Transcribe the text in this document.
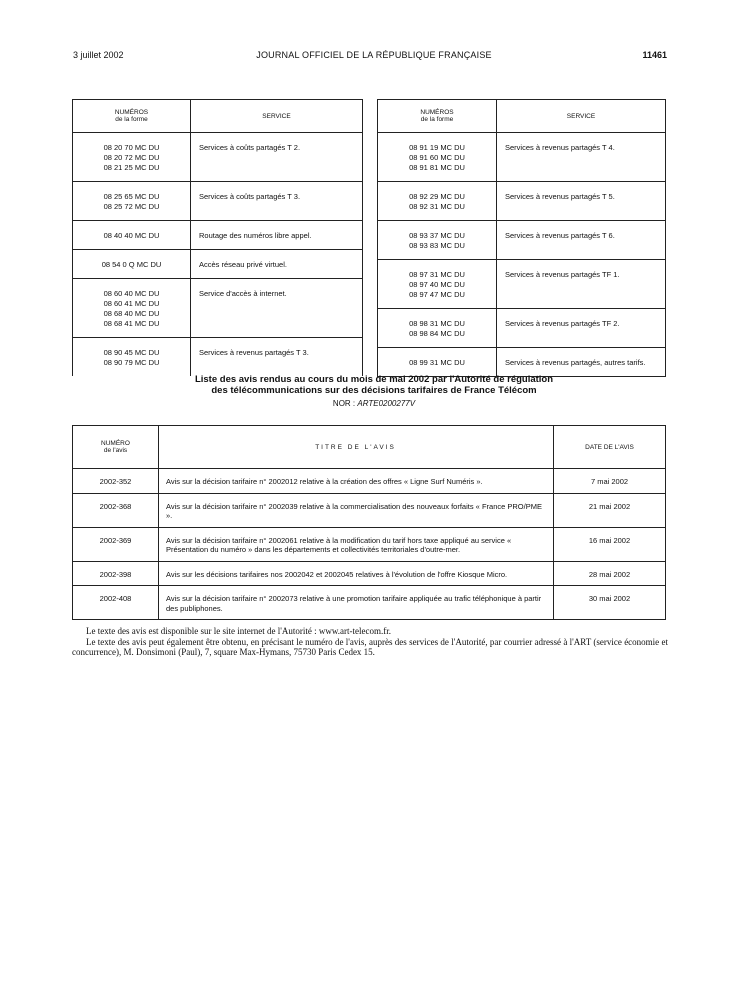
3 juillet 2002	JOURNAL OFFICIEL DE LA RÉPUBLIQUE FRANÇAISE	11461
NUMÉROS
de la forme	SERVICE

08 20 70 MC DU
08 20 72 MC DU
08 21 25 MC DU	Services à coûts partagés T 2.

08 25 65 MC DU
08 25 72 MC DU	Services à coûts partagés T 3.

08 40 40 MC DU	Routage des numéros libre appel.

08 54 0 Q MC DU	Accès réseau privé virtuel.

08 60 40 MC DU
08 60 41 MC DU
08 68 40 MC DU
08 68 41 MC DU	Service d'accès à internet.

08 90 45 MC DU
08 90 79 MC DU	Services à revenus partagés T 3.
NUMÉROS
de la forme	SERVICE

08 91 19 MC DU
08 91 60 MC DU
08 91 81 MC DU	Services à revenus partagés T 4.

08 92 29 MC DU
08 92 31 MC DU	Services à revenus partagés T 5.

08 93 37 MC DU
08 93 83 MC DU	Services à revenus partagés T 6.

08 97 31 MC DU
08 97 40 MC DU
08 97 47 MC DU	Services à revenus partagés TF 1.

08 98 31 MC DU
08 98 84 MC DU	Services à revenus partagés TF 2.

08 99 31 MC DU	Services à revenus partagés, autres tarifs.
Liste des avis rendus au cours du mois de mai 2002 par l'Autorité de régulation
des télécommunications sur des décisions tarifaires de France Télécom
NOR : ARTE0200277V
NUMÉRO
de l'avis	TITRE DE L'AVIS	DATE DE L'AVIS
2002-352	Avis sur la décision tarifaire n° 2002012 relative à la création des offres « Ligne Surf Numéris ».	7 mai 2002
2002-368	Avis sur la décision tarifaire n° 2002039 relative à la commercialisation des nouveaux forfaits « France PRO/PME ».	21 mai 2002
2002-369	Avis sur la décision tarifaire n° 2002061 relative à la modification du tarif hors taxe appliqué au service « Présentation du numéro » dans les départements et collectivités territoriales d'outre-mer.	16 mai 2002
2002-398	Avis sur les décisions tarifaires nos 2002042 et 2002045 relatives à l'évolution de l'offre Kiosque Micro.	28 mai 2002
2002-408	Avis sur la décision tarifaire n° 2002073 relative à une promotion tarifaire appliquée au trafic téléphonique à partir des publiphones.	30 mai 2002
Le texte des avis est disponible sur le site internet de l'Autorité : www.art-telecom.fr.
Le texte des avis peut également être obtenu, en précisant le numéro de l'avis, auprès des services de l'Autorité, par courrier adressé à l'ART (service économie et concurrence), M. Donsimoni (Paul), 7, square Max-Hymans, 75730 Paris Cedex 15.
